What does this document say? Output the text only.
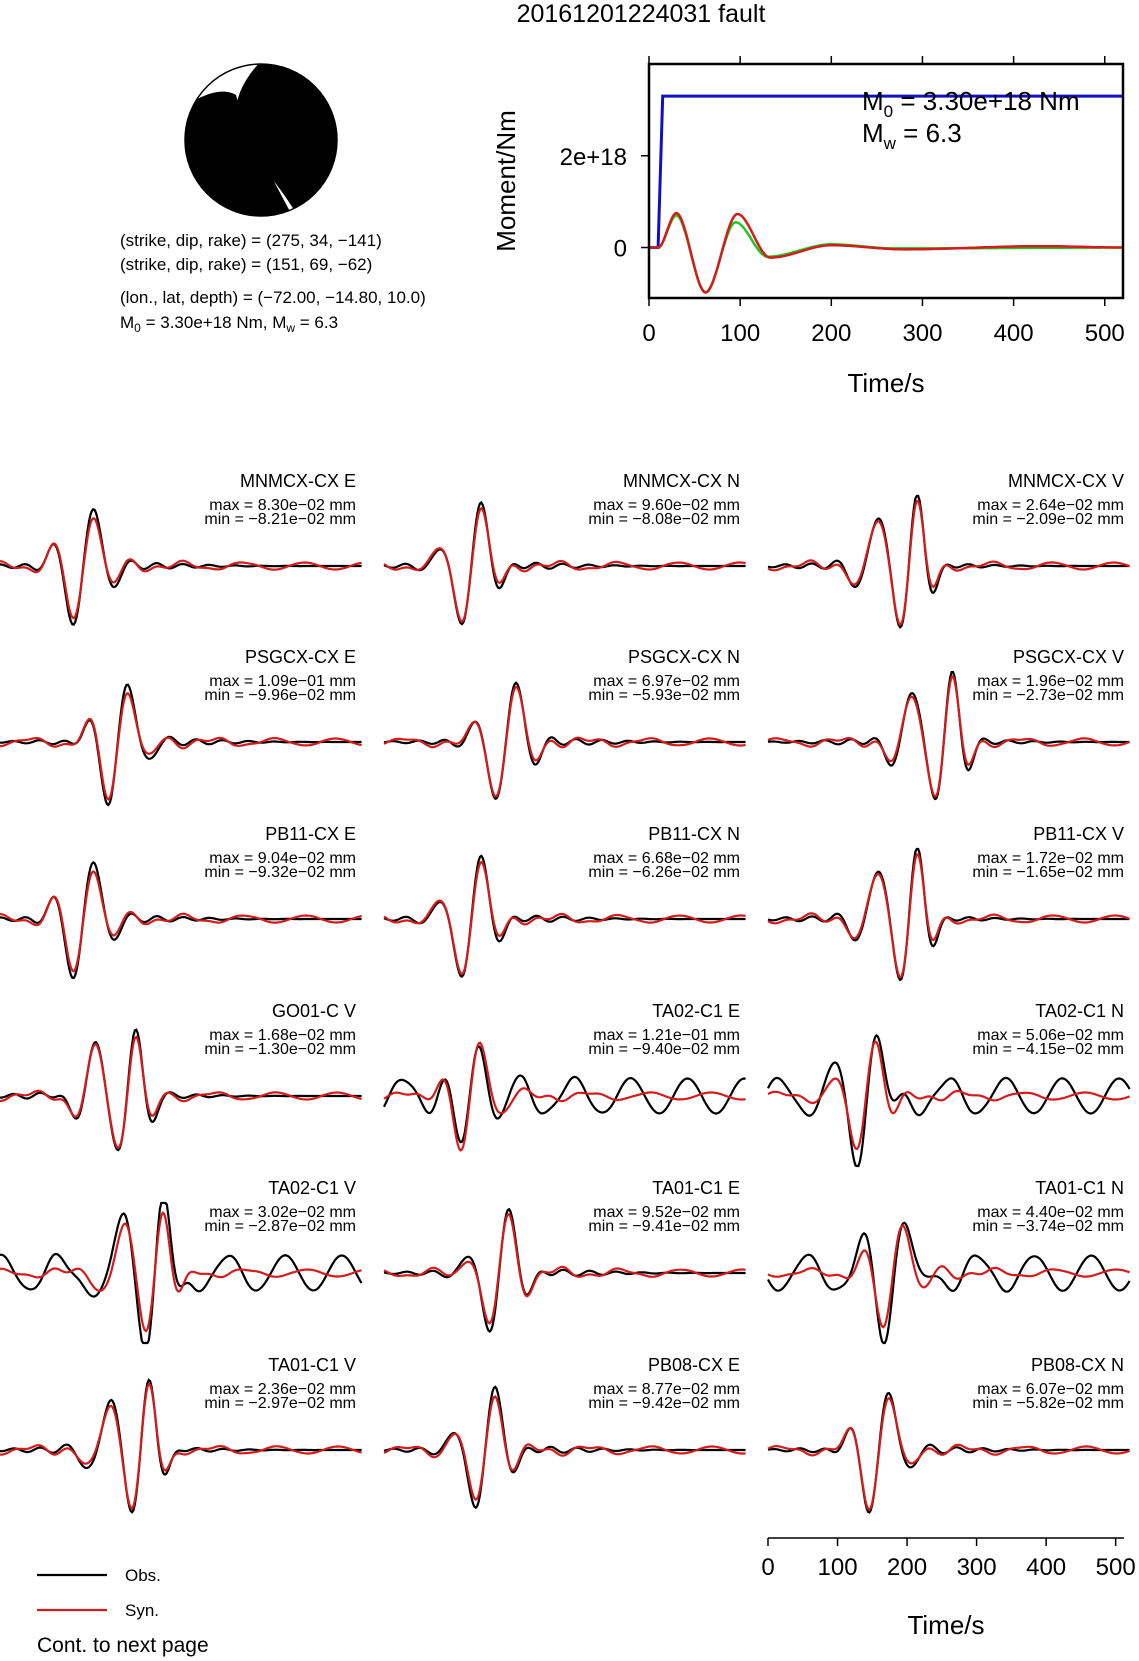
20161201224031 fault
(strike, dip, rake) = (275, 34, −141)
(strike, dip, rake) = (151, 69, −62)
(lon., lat, depth) = (−72.00, −14.80, 10.0)
$M_0 = 3.30e+18$ Nm, $M_w = 6.3$	0	100 200 300 400 500
0
2e+18
Time/s
Moment/Nm
$M_0 = 3.30e+18$ Nm
$M_w = 6.3$
MNMCX-CX E
max = 8.30e−02 mm
min = −8.21e−02 mm
MNMCX-CX N
max = 9.60e−02 mm
min = −8.08e−02 mm
MNMCX-CX V
max = 2.64e−02 mm
min = −2.09e−02 mm
PSGCX-CX E
max = 1.09e−01 mm
min = −9.96e−02 mm
PSGCX-CX N
max = 6.97e−02 mm
min = −5.93e−02 mm
PSGCX-CX V
max = 1.96e−02 mm
min = −2.73e−02 mm
PB11-CX E
max = 9.04e−02 mm
min = −9.32e−02 mm
PB11-CX N
max = 6.68e−02 mm
min = −6.26e−02 mm
PB11-CX V
max = 1.72e−02 mm
min = −1.65e−02 mm
GO01-C V
max = 1.68e−02 mm
min = −1.30e−02 mm
TA02-C1 E
max = 1.21e−01 mm
min = −9.40e−02 mm
TA02-C1 N
max = 5.06e−02 mm
min = −4.15e−02 mm
TA02-C1 V
max = 3.02e−02 mm
min = −2.87e−02 mm
TA01-C1 E
max = 9.52e−02 mm
min = −9.41e−02 mm
TA01-C1 N
max = 4.40e−02 mm
min = −3.74e−02 mm
TA01-C1 V
max = 2.36e−02 mm
min = −2.97e−02 mm
PB08-CX E
max = 8.77e−02 mm
min = −9.42e−02 mm
PB08-CX N
max = 6.07e−02 mm
min = −5.82e−02 mm
0 100 200 300 400 500
Time/s
Obs.
Syn.
Cont. to next page
